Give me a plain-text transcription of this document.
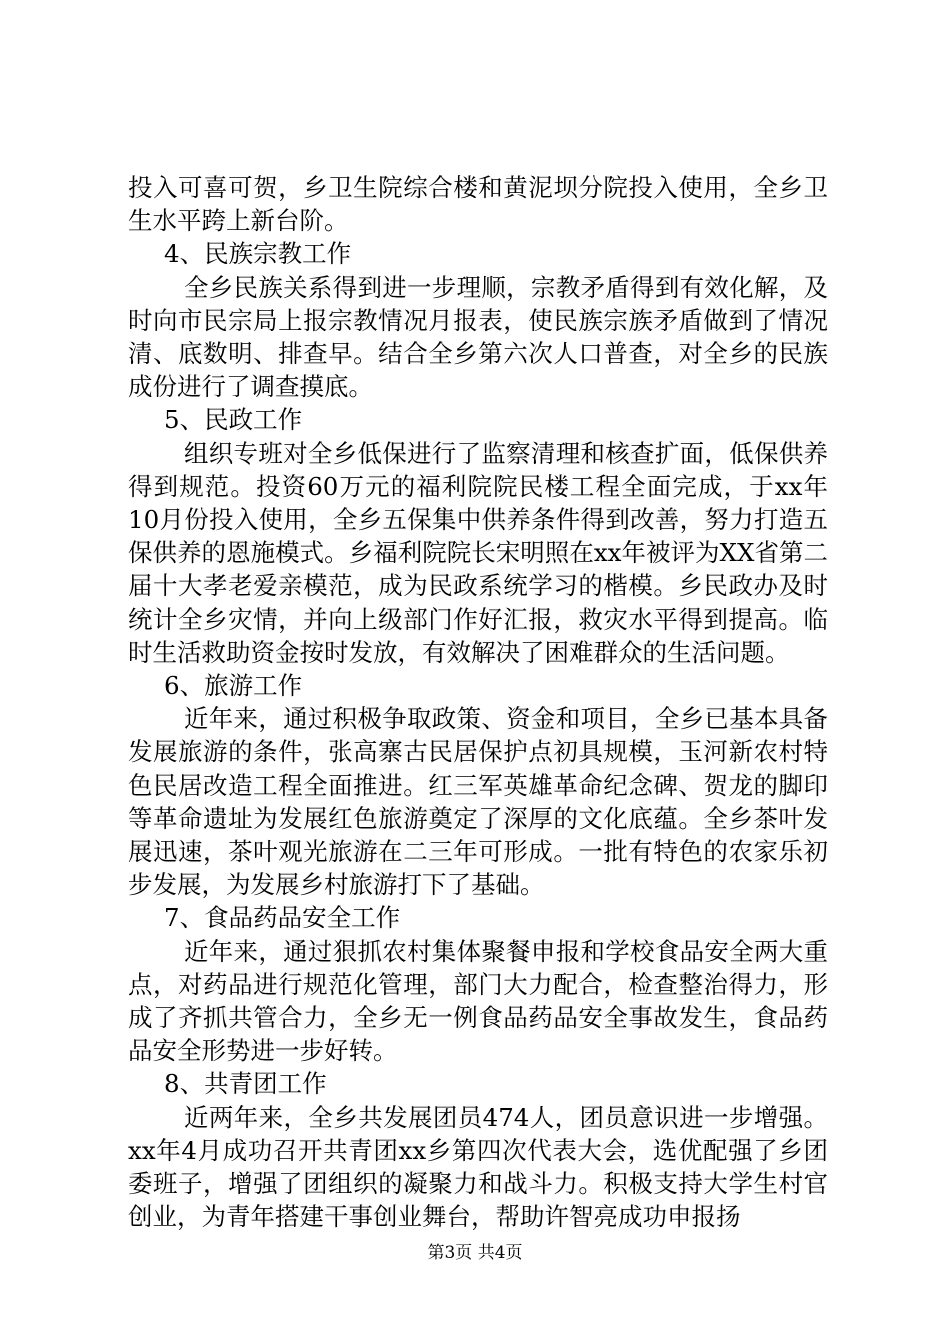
投入可喜可贺，乡卫生院综合楼和黄泥坝分院投入使用，全乡卫生水平跨上新台阶。

4、民族宗教工作

全乡民族关系得到进一步理顺，宗教矛盾得到有效化解，及时向市民宗局上报宗教情况月报表，使民族宗族矛盾做到了情况清、底数明、排查早。结合全乡第六次人口普查，对全乡的民族成份进行了调查摸底。

5、民政工作

组织专班对全乡低保进行了监察清理和核查扩面，低保供养得到规范。投资60万元的福利院院民楼工程全面完成，于xx年10月份投入使用，全乡五保集中供养条件得到改善，努力打造五保供养的恩施模式。乡福利院院长宋明照在xx年被评为XX省第二届十大孝老爱亲模范，成为民政系统学习的楷模。乡民政办及时统计全乡灾情，并向上级部门作好汇报，救灾水平得到提高。临时生活救助资金按时发放，有效解决了困难群众的生活问题。

6、旅游工作

近年来，通过积极争取政策、资金和项目，全乡已基本具备发展旅游的条件，张高寨古民居保护点初具规模，玉河新农村特色民居改造工程全面推进。红三军英雄革命纪念碑、贺龙的脚印等革命遗址为发展红色旅游奠定了深厚的文化底蕴。全乡茶叶发展迅速，茶叶观光旅游在二三年可形成。一批有特色的农家乐初步发展，为发展乡村旅游打下了基础。

7、食品药品安全工作

近年来，通过狠抓农村集体聚餐申报和学校食品安全两大重点，对药品进行规范化管理，部门大力配合，检查整治得力，形成了齐抓共管合力，全乡无一例食品药品安全事故发生，食品药品安全形势进一步好转。

8、共青团工作

近两年来，全乡共发展团员474人，团员意识进一步增强。xx年4月成功召开共青团xx乡第四次代表大会，选优配强了乡团委班子，增强了团组织的凝聚力和战斗力。积极支持大学生村官创业，为青年搭建干事创业舞台，帮助许智亮成功申报扬

第3页 共4页
